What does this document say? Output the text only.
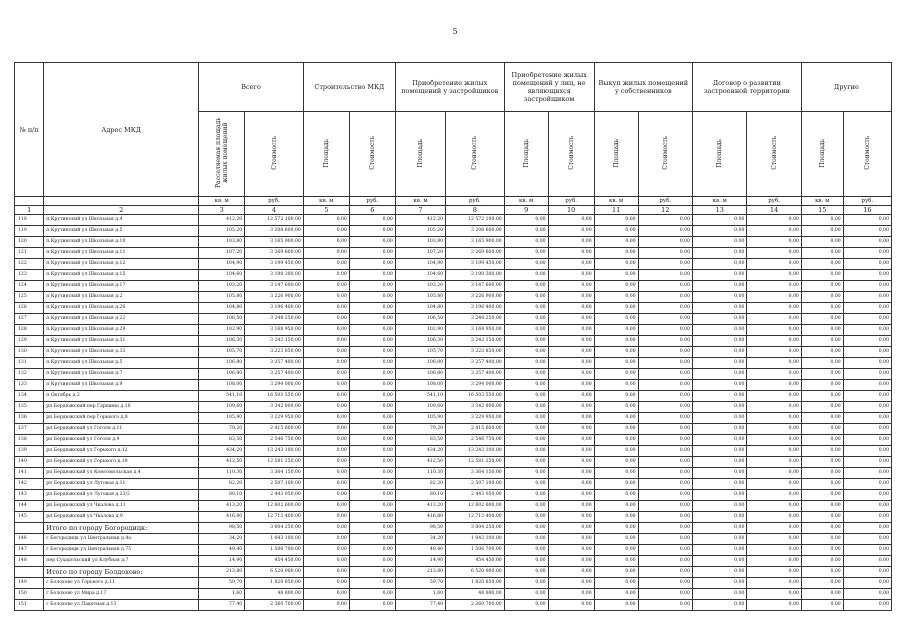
5
№ п/п	Адрес МКД	Всего		Строительство МКД		Приобретение жилых помещений у застройщиков		Приобретение жилых помещений у лиц, не являющихся застройщиком		Выкуп жилых помещений у собственников		Договор о развитии застроенной территории		Другие	
		Расселяемая площадь жилых помещений	Стоимость	Площадь	Стоимость	Площадь	Стоимость	Площадь	Стоимость	Площадь	Стоимость	Площадь	Стоимость	Площадь	Стоимость
		кв. м	руб.	кв. м	руб.	кв. м	руб.	кв. м	руб.	кв. м	руб.	кв. м	руб.	кв. м	руб.
1	2	3	4	5	6	7	8	9	10	11	12	13	14	15	16
118	п Крутинский ул Школьная д.4	412,20	12 572 100,00	0,00	0,00	412,20	12 572 100,00	0,00	0,00	0,00	0,00	0,00	0,00	0,00	0,00
119	п Крутинский ул Школьная д.5	105,20	3 208 600,00	0,00	0,00	105,20	3 208 600,00	0,00	0,00	0,00	0,00	0,00	0,00	0,00	0,00
120	п Крутинский ул Школьная д.10	103,80	3 165 900,00	0,00	0,00	103,80	3 165 900,00	0,00	0,00	0,00	0,00	0,00	0,00	0,00	0,00
121	п Крутинский ул Школьная д.11	107,20	3 269 600,00	0,00	0,00	107,20	3 269 600,00	0,00	0,00	0,00	0,00	0,00	0,00	0,00	0,00
122	п Крутинский ул Школьная д.12	104,90	3 199 450,00	0,00	0,00	104,90	3 199 450,00	0,00	0,00	0,00	0,00	0,00	0,00	0,00	0,00
123	п Крутинский ул Школьная д.15	104,60	3 190 300,00	0,00	0,00	104,60	3 190 300,00	0,00	0,00	0,00	0,00	0,00	0,00	0,00	0,00
124	п Крутинский ул Школьная д.17	103,20	3 147 600,00	0,00	0,00	103,20	3 147 600,00	0,00	0,00	0,00	0,00	0,00	0,00	0,00	0,00
125	п Крутинский ул Школьная д.2	105,80	3 226 900,00	0,00	0,00	105,80	3 226 900,00	0,00	0,00	0,00	0,00	0,00	0,00	0,00	0,00
126	п Крутинский ул Школьная д.20	104,80	3 196 400,00	0,00	0,00	104,80	3 196 400,00	0,00	0,00	0,00	0,00	0,00	0,00	0,00	0,00
127	п Крутинский ул Школьная д.22	106,50	3 248 250,00	0,00	0,00	106,50	3 248 250,00	0,00	0,00	0,00	0,00	0,00	0,00	0,00	0,00
128	п Крутинский ул Школьная д.29	102,90	3 168 950,00	0,00	0,00	102,90	3 168 950,00	0,00	0,00	0,00	0,00	0,00	0,00	0,00	0,00
129	п Крутинский ул Школьная д.31	106,30	3 242 150,00	0,00	0,00	106,30	3 242 150,00	0,00	0,00	0,00	0,00	0,00	0,00	0,00	0,00
130	п Крутинский ул Школьная д.33	105,70	3 223 850,00	0,00	0,00	105,70	3 223 850,00	0,00	0,00	0,00	0,00	0,00	0,00	0,00	0,00
131	п Крутинский ул Школьная д.5	106,80	3 257 400,00	0,00	0,00	106,80	3 257 400,00	0,00	0,00	0,00	0,00	0,00	0,00	0,00	0,00
132	п Крутинский ул Школьная д.7	106,80	3 257 400,00	0,00	0,00	106,80	3 257 400,00	0,00	0,00	0,00	0,00	0,00	0,00	0,00	0,00
133	п Крутинский ул Школьная д.9	108,00	3 294 000,00	0,00	0,00	108,00	3 294 000,00	0,00	0,00	0,00	0,00	0,00	0,00	0,00	0,00
134	п Октябрь д.2	541,10	16 503 550,00	0,00	0,00	541,10	16 503 550,00	0,00	0,00	0,00	0,00	0,00	0,00	0,00	0,00
135	рп Бердюжский пер Гаршина д.10	109,60	3 342 800,00	0,00	0,00	109,60	3 342 800,00	0,00	0,00	0,00	0,00	0,00	0,00	0,00	0,00
136	рп Бердюжский пер Горького д.8	105,90	3 229 950,00	0,00	0,00	105,90	3 229 950,00	0,00	0,00	0,00	0,00	0,00	0,00	0,00	0,00
137	рп Бердюжский ул Гоголя д.11	79,20	2 415 600,00	0,00	0,00	79,20	2 415 600,00	0,00	0,00	0,00	0,00	0,00	0,00	0,00	0,00
138	рп Бердюжский ул Гоголя д.9	83,50	2 546 750,00	0,00	0,00	83,50	2 546 750,00	0,00	0,00	0,00	0,00	0,00	0,00	0,00	0,00
139	рп Бердюжский ул Горького д.12	434,20	13 243 100,00	0,00	0,00	434,20	13 243 100,00	0,00	0,00	0,00	0,00	0,00	0,00	0,00	0,00
140	рп Бердюжский ул Горького д.19	412,50	12 581 250,00	0,00	0,00	412,50	12 581 250,00	0,00	0,00	0,00	0,00	0,00	0,00	0,00	0,00
141	рп Бердюжский ул Комсомольская д.4	110,30	3 364 150,00	0,00	0,00	110,30	3 364 150,00	0,00	0,00	0,00	0,00	0,00	0,00	0,00	0,00
142	рп Бердюжский ул Луговая д.11	82,20	2 507 100,00	0,00	0,00	82,20	2 507 100,00	0,00	0,00	0,00	0,00	0,00	0,00	0,00	0,00
143	рп Бердюжский ул Луговая д.23/2	80,10	2 443 050,00	0,00	0,00	80,10	2 443 050,00	0,00	0,00	0,00	0,00	0,00	0,00	0,00	0,00
144	рп Бердюжский ул Чкалова д.11	413,20	12 602 600,00	0,00	0,00	413,20	12 602 600,00	0,00	0,00	0,00	0,00	0,00	0,00	0,00	0,00
145	рп Бердюжский ул Чкалова д.9	416,80	12 712 400,00	0,00	0,00	416,80	12 712 400,00	0,00	0,00	0,00	0,00	0,00	0,00	0,00	0,00
	Итого по городу Богородицк:	98,50	3 004 250,00	0,00	0,00	98,50	3 004 250,00	0,00	0,00	0,00	0,00	0,00	0,00	0,00	0,00
146	г Богородицк ул Центральная д.4а	34,20	1 043 100,00	0,00	0,00	34,20	1 043 100,00	0,00	0,00	0,00	0,00	0,00	0,00	0,00	0,00
147	г Богородицк ул Центральная д.75	49,40	1 506 700,00	0,00	0,00	49,40	1 506 700,00	0,00	0,00	0,00	0,00	0,00	0,00	0,00	0,00
148	пер Сухадольский ул Клубная д.7	14,90	454 450,00	0,00	0,00	14,90	454 450,00	0,00	0,00	0,00	0,00	0,00	0,00	0,00	0,00
	Итого по городу Болдохово:	213,80	6 520 900,00	0,00	0,00	213,80	6 520 900,00	0,00	0,00	0,00	0,00	0,00	0,00	0,00	0,00
149	г Болохово ул Горького д.11	59,70	1 820 850,00	0,00	0,00	59,70	1 820 850,00	0,00	0,00	0,00	0,00	0,00	0,00	0,00	0,00
150	г Болохово ул Мира д.17	1,60	48 800,00	0,00	0,00	1,60	48 800,00	0,00	0,00	0,00	0,00	0,00	0,00	0,00	0,00
151	г Болохово ул Пакетная д.13	77,40	2 360 700,00	0,00	0,00	77,40	2 360 700,00	0,00	0,00	0,00	0,00	0,00	0,00	0,00	0,00
